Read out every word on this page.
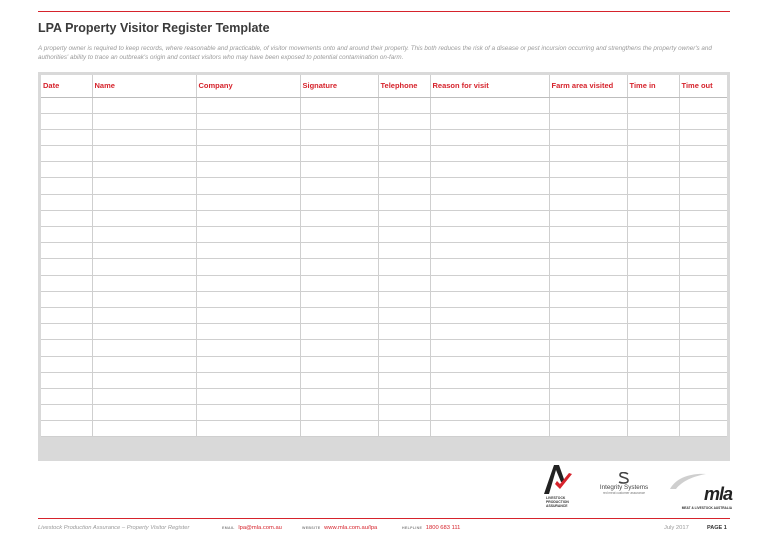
LPA Property Visitor Register Template

A property owner is required to keep records, where reasonable and practicable, of visitor movements onto and around their property. This both reduces the risk of a disease or pest incursion occurring and strengthens the property owner's and authorities' ability to trace an outbreak's origin and contact visitors who may have been exposed to potential contamination on-farm.

Date	Name	Company	Signature	Telephone	Reason for visit	Farm area visited	Time in	Time out

LIVESTOCK PRODUCTION ASSURANCE
Integrity Systems
red meat customer assurance	mla
MEAT & LIVESTOCK AUSTRALIA
Livestock Production Assurance – Property Visitor Register	EMAIL lpa@mla.com.au	WEBSITE www.mla.com.au/lpa	HELPLINE 1800 683 111	July 2017	PAGE 1
